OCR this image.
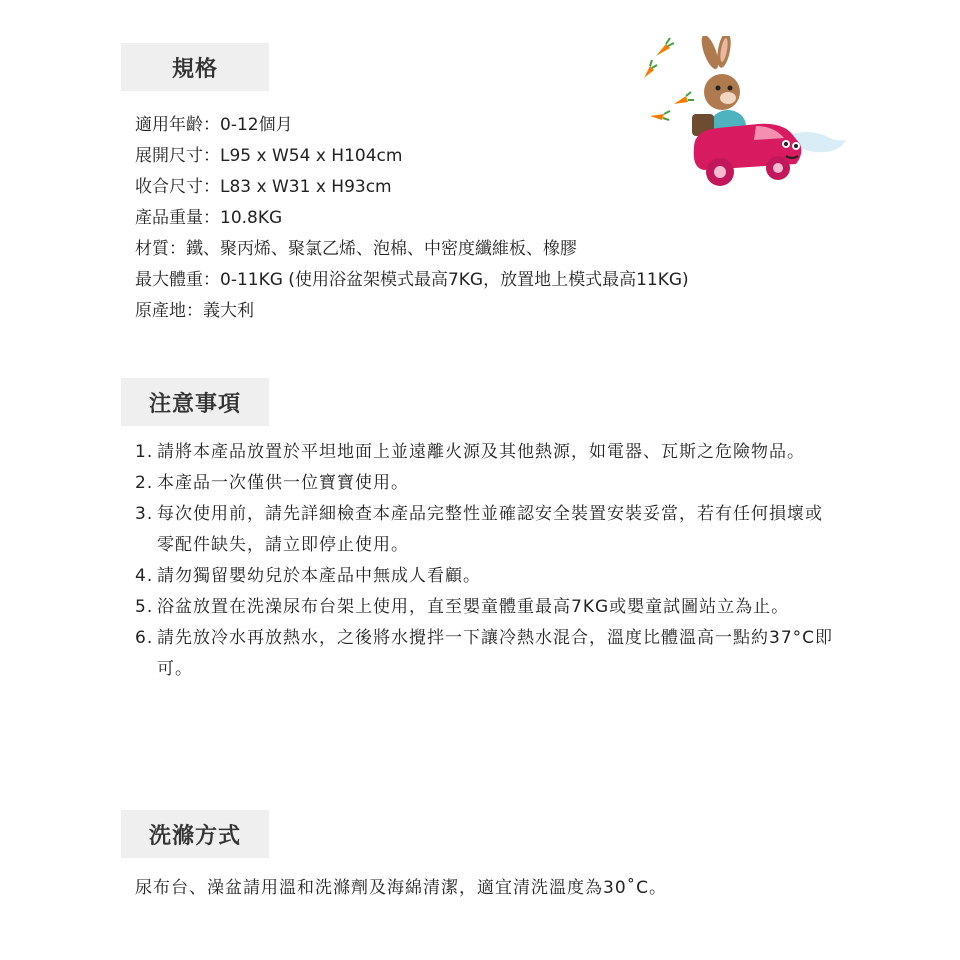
規格
適用年齡：0-12個月
展開尺寸：L95 x W54 x H104cm
收合尺寸：L83 x W31 x H93cm
產品重量：10.8KG
材質：鐵、聚丙烯、聚氯乙烯、泡棉、中密度纖維板、橡膠
最大體重：0-11KG (使用浴盆架模式最高7KG，放置地上模式最高11KG)
原產地：義大利
注意事項
1. 請將本產品放置於平坦地面上並遠離火源及其他熱源，如電器、瓦斯之危險物品。
2. 本產品一次僅供一位寶寶使用。
3. 每次使用前，請先詳細檢查本產品完整性並確認安全裝置安裝妥當，若有任何損壞或零配件缺失，請立即停止使用。
4. 請勿獨留嬰幼兒於本產品中無成人看顧。
5. 浴盆放置在洗澡尿布台架上使用，直至嬰童體重最高7KG或嬰童試圖站立為止。
6. 請先放冷水再放熱水，之後將水攪拌一下讓冷熱水混合，溫度比體溫高一點約37°C即可。
洗滌方式
尿布台、澡盆請用溫和洗滌劑及海綿清潔，適宜清洗溫度為30˚C。
